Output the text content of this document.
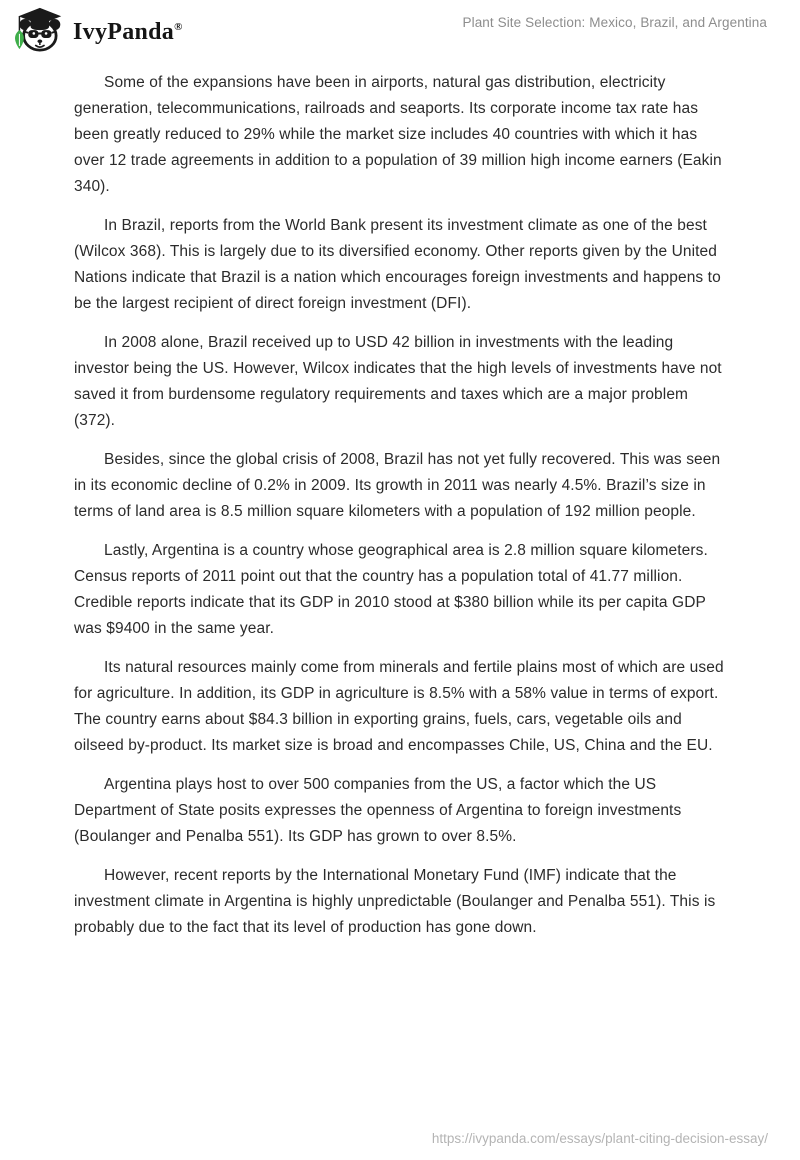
IvyPanda®	Plant Site Selection: Mexico, Brazil, and Argentina

Some of the expansions have been in airports, natural gas distribution, electricity generation, telecommunications, railroads and seaports. Its corporate income tax rate has been greatly reduced to 29% while the market size includes 40 countries with which it has over 12 trade agreements in addition to a population of 39 million high income earners (Eakin 340).

In Brazil, reports from the World Bank present its investment climate as one of the best (Wilcox 368). This is largely due to its diversified economy. Other reports given by the United Nations indicate that Brazil is a nation which encourages foreign investments and happens to be the largest recipient of direct foreign investment (DFI).

In 2008 alone, Brazil received up to USD 42 billion in investments with the leading investor being the US. However, Wilcox indicates that the high levels of investments have not saved it from burdensome regulatory requirements and taxes which are a major problem (372).

Besides, since the global crisis of 2008, Brazil has not yet fully recovered. This was seen in its economic decline of 0.2% in 2009. Its growth in 2011 was nearly 4.5%. Brazil’s size in terms of land area is 8.5 million square kilometers with a population of 192 million people.

Lastly, Argentina is a country whose geographical area is 2.8 million square kilometers. Census reports of 2011 point out that the country has a population total of 41.77 million. Credible reports indicate that its GDP in 2010 stood at $380 billion while its per capita GDP was $9400 in the same year.

Its natural resources mainly come from minerals and fertile plains most of which are used for agriculture. In addition, its GDP in agriculture is 8.5% with a 58% value in terms of export. The country earns about $84.3 billion in exporting grains, fuels, cars, vegetable oils and oilseed by-product. Its market size is broad and encompasses Chile, US, China and the EU.

Argentina plays host to over 500 companies from the US, a factor which the US Department of State posits expresses the openness of Argentina to foreign investments (Boulanger and Penalba 551). Its GDP has grown to over 8.5%.

However, recent reports by the International Monetary Fund (IMF) indicate that the investment climate in Argentina is highly unpredictable (Boulanger and Penalba 551). This is probably due to the fact that its level of production has gone down.

https://ivypanda.com/essays/plant-citing-decision-essay/
